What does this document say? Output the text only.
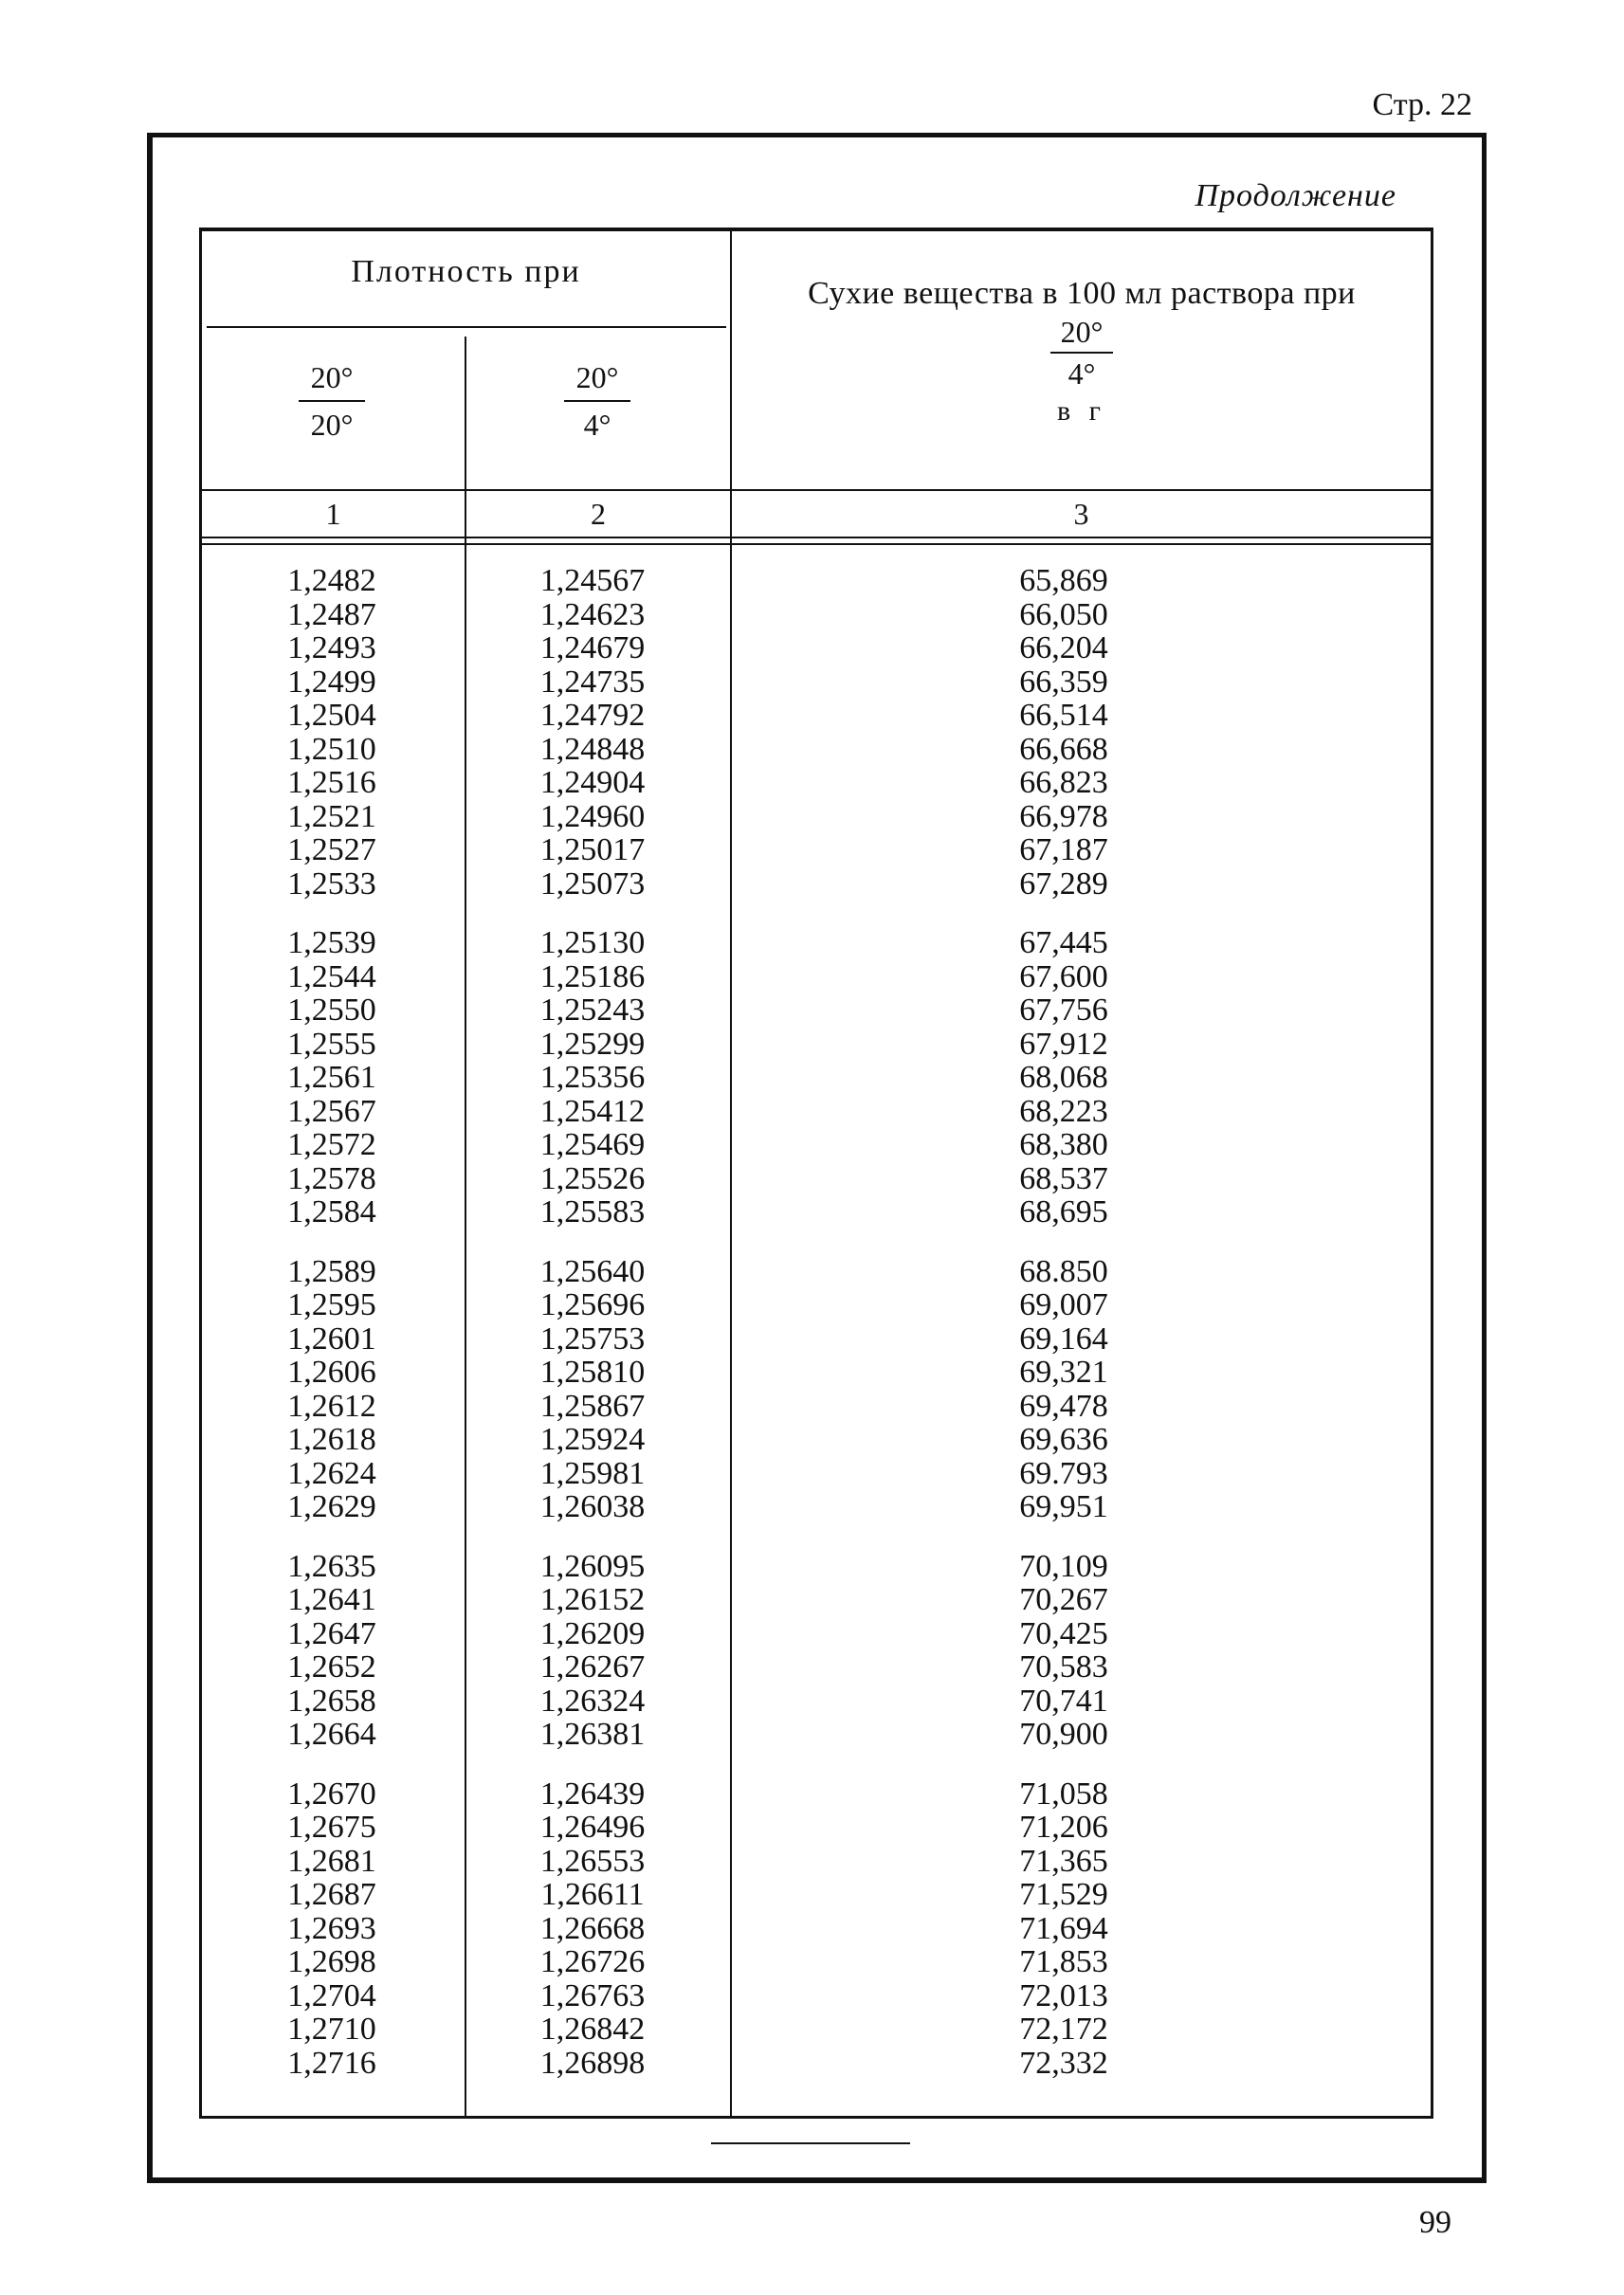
Стр. 22
Продолжение
Плотность при
20°
20°
20°
4°
Сухие вещества в 100 мл раствора при
$\frac{20^\circ}{4^\circ}$
в г
1	2	3
1,2482	1,24567	65,869
1,2487	1,24623	66,050
1,2493	1,24679	66,204
1,2499	1,24735	66,359
1,2504	1,24792	66,514
1,2510	1,24848	66,668
1,2516	1,24904	66,823
1,2521	1,24960	66,978
1,2527	1,25017	67,187
1,2533	1,25073	67,289
1,2539	1,25130	67,445
1,2544	1,25186	67,600
1,2550	1,25243	67,756
1,2555	1,25299	67,912
1,2561	1,25356	68,068
1,2567	1,25412	68,223
1,2572	1,25469	68,380
1,2578	1,25526	68,537
1,2584	1,25583	68,695
1,2589	1,25640	68.850
1,2595	1,25696	69,007
1,2601	1,25753	69,164
1,2606	1,25810	69,321
1,2612	1,25867	69,478
1,2618	1,25924	69,636
1,2624	1,25981	69.793
1,2629	1,26038	69,951
1,2635	1,26095	70,109
1,2641	1,26152	70,267
1,2647	1,26209	70,425
1,2652	1,26267	70,583
1,2658	1,26324	70,741
1,2664	1,26381	70,900
1,2670	1,26439	71,058
1,2675	1,26496	71,206
1,2681	1,26553	71,365
1,2687	1,26611	71,529
1,2693	1,26668	71,694
1,2698	1,26726	71,853
1,2704	1,26763	72,013
1,2710	1,26842	72,172
1,2716	1,26898	72,332
99
